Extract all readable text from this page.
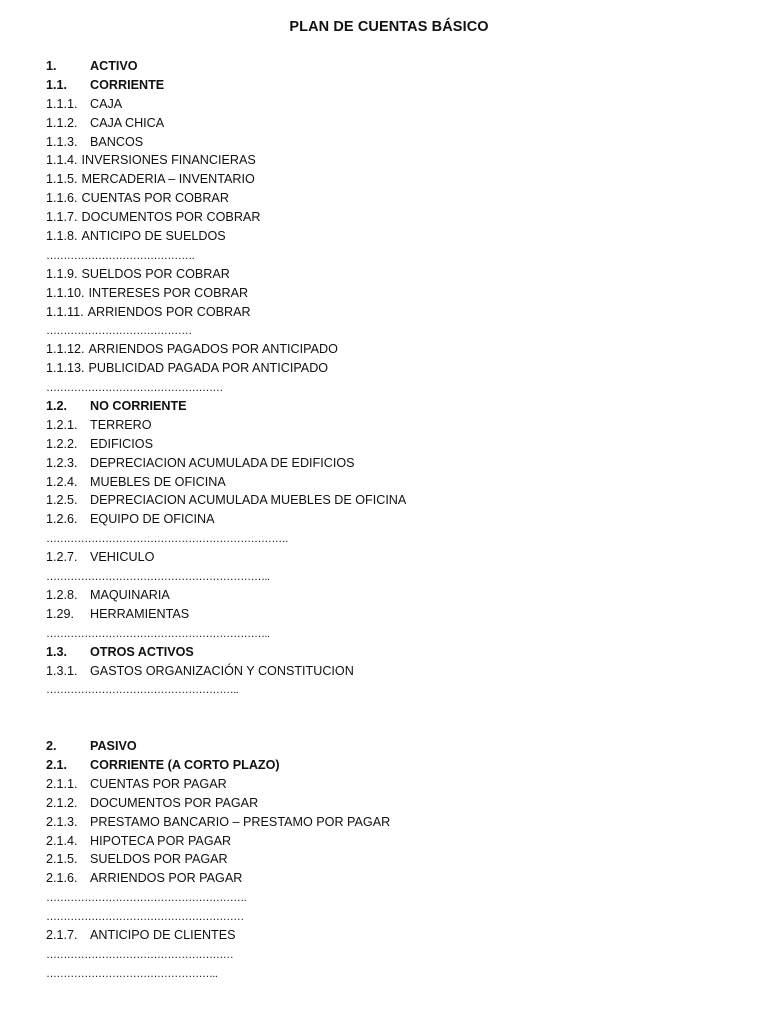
PLAN DE CUENTAS BÁSICO
1.	ACTIVO
1.1. CORRIENTE
1.1.1. CAJA
1.1.2. CAJA CHICA
1.1.3. BANCOS
1.1.4. INVERSIONES FINANCIERAS
1.1.5. MERCADERIA – INVENTARIO
1.1.6. CUENTAS POR COBRAR
1.1.7. DOCUMENTOS POR COBRAR
1.1.8. ANTICIPO DE SUELDOS
…………………………………….
1.1.9. SUELDOS POR COBRAR
1.1.10. INTERESES POR COBRAR
1.1.11. ARRIENDOS POR COBRAR
……………………………………
1.1.12. ARRIENDOS PAGADOS POR ANTICIPADO
1.1.13. PUBLICIDAD PAGADA POR ANTICIPADO
……………………………………………
1.2. NO CORRIENTE
1.2.1. TERRERO
1.2.2. EDIFICIOS
1.2.3. DEPRECIACION ACUMULADA DE EDIFICIOS
1.2.4. MUEBLES DE OFICINA
1.2.5. DEPRECIACION ACUMULADA MUEBLES DE OFICINA
1.2.6. EQUIPO DE OFICINA
…………………………………………………………….
1.2.7. VEHICULO
………………………………………………………..
1.2.8. MAQUINARIA
1.29. HERRAMIENTAS
………………………………………………………..
1.3. OTROS ACTIVOS
1.3.1. GASTOS ORGANIZACIÓN Y CONSTITUCION
………………………………………………..
2.	PASIVO
2.1. CORRIENTE (A CORTO PLAZO)
2.1.1. CUENTAS POR PAGAR
2.1.2. DOCUMENTOS POR PAGAR
2.1.3. PRESTAMO BANCARIO – PRESTAMO POR PAGAR
2.1.4. HIPOTECA POR PAGAR
2.1.5. SUELDOS POR PAGAR
2.1.6. ARRIENDOS POR PAGAR
………………………………………………….
…………………………………………………
2.1.7. ANTICIPO DE CLIENTES
………………………………………………
…………………………………………..
